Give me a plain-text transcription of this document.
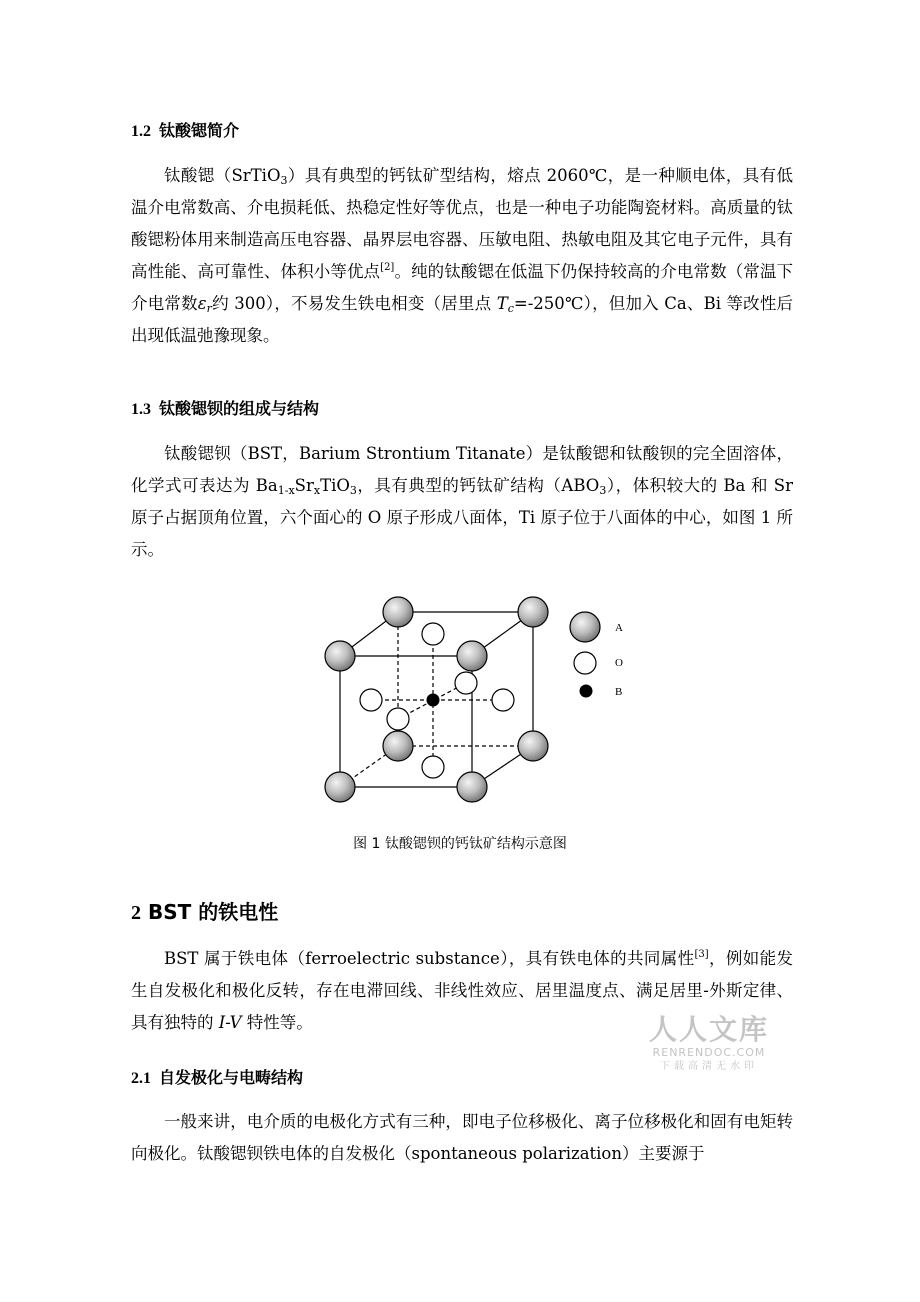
1.2 钛酸锶简介
钛酸锶（SrTiO$_3$）具有典型的钙钛矿型结构，熔点 2060℃，是一种顺电体，具有低温介电常数高、介电损耗低、热稳定性好等优点，也是一种电子功能陶瓷材料。高质量的钛酸锶粉体用来制造高压电容器、晶界层电容器、压敏电阻、热敏电阻及其它电子元件，具有高性能、高可靠性、体积小等优点[2]。纯的钛酸锶在低温下仍保持较高的介电常数（常温下介电常数$\varepsilon_r$约 300），不易发生铁电相变（居里点 $T_c=-250℃$），但加入 Ca、Bi 等改性后出现低温弛豫现象。
1.3 钛酸锶钡的组成与结构
钛酸锶钡（BST，Barium Strontium Titanate）是钛酸锶和钛酸钡的完全固溶体，化学式可表达为 $Ba_{1-x}Sr_xTiO_3$，具有典型的钙钛矿结构$(ABO_3)$，体积较大的 Ba 和 Sr 原子占据顶角位置，六个面心的 O 原子形成八面体，Ti 原子位于八面体的中心，如图 1 所示。
A
O
B
图 1 钛酸锶钡的钙钛矿结构示意图
2 BST 的铁电性
BST 属于铁电体（ferroelectric substance），具有铁电体的共同属性[3]，例如能发生自发极化和极化反转，存在电滞回线、非线性效应、居里温度点、满足居里-外斯定律、具有独特的 I-V 特性等。	人人文库
RENRENDOC.COM
下载高清无水印
2.1 自发极化与电畴结构
一般来讲，电介质的电极化方式有三种，即电子位移极化、离子位移极化和固有电矩转向极化。钛酸锶钡铁电体的自发极化（spontaneous polarization）主要源于
